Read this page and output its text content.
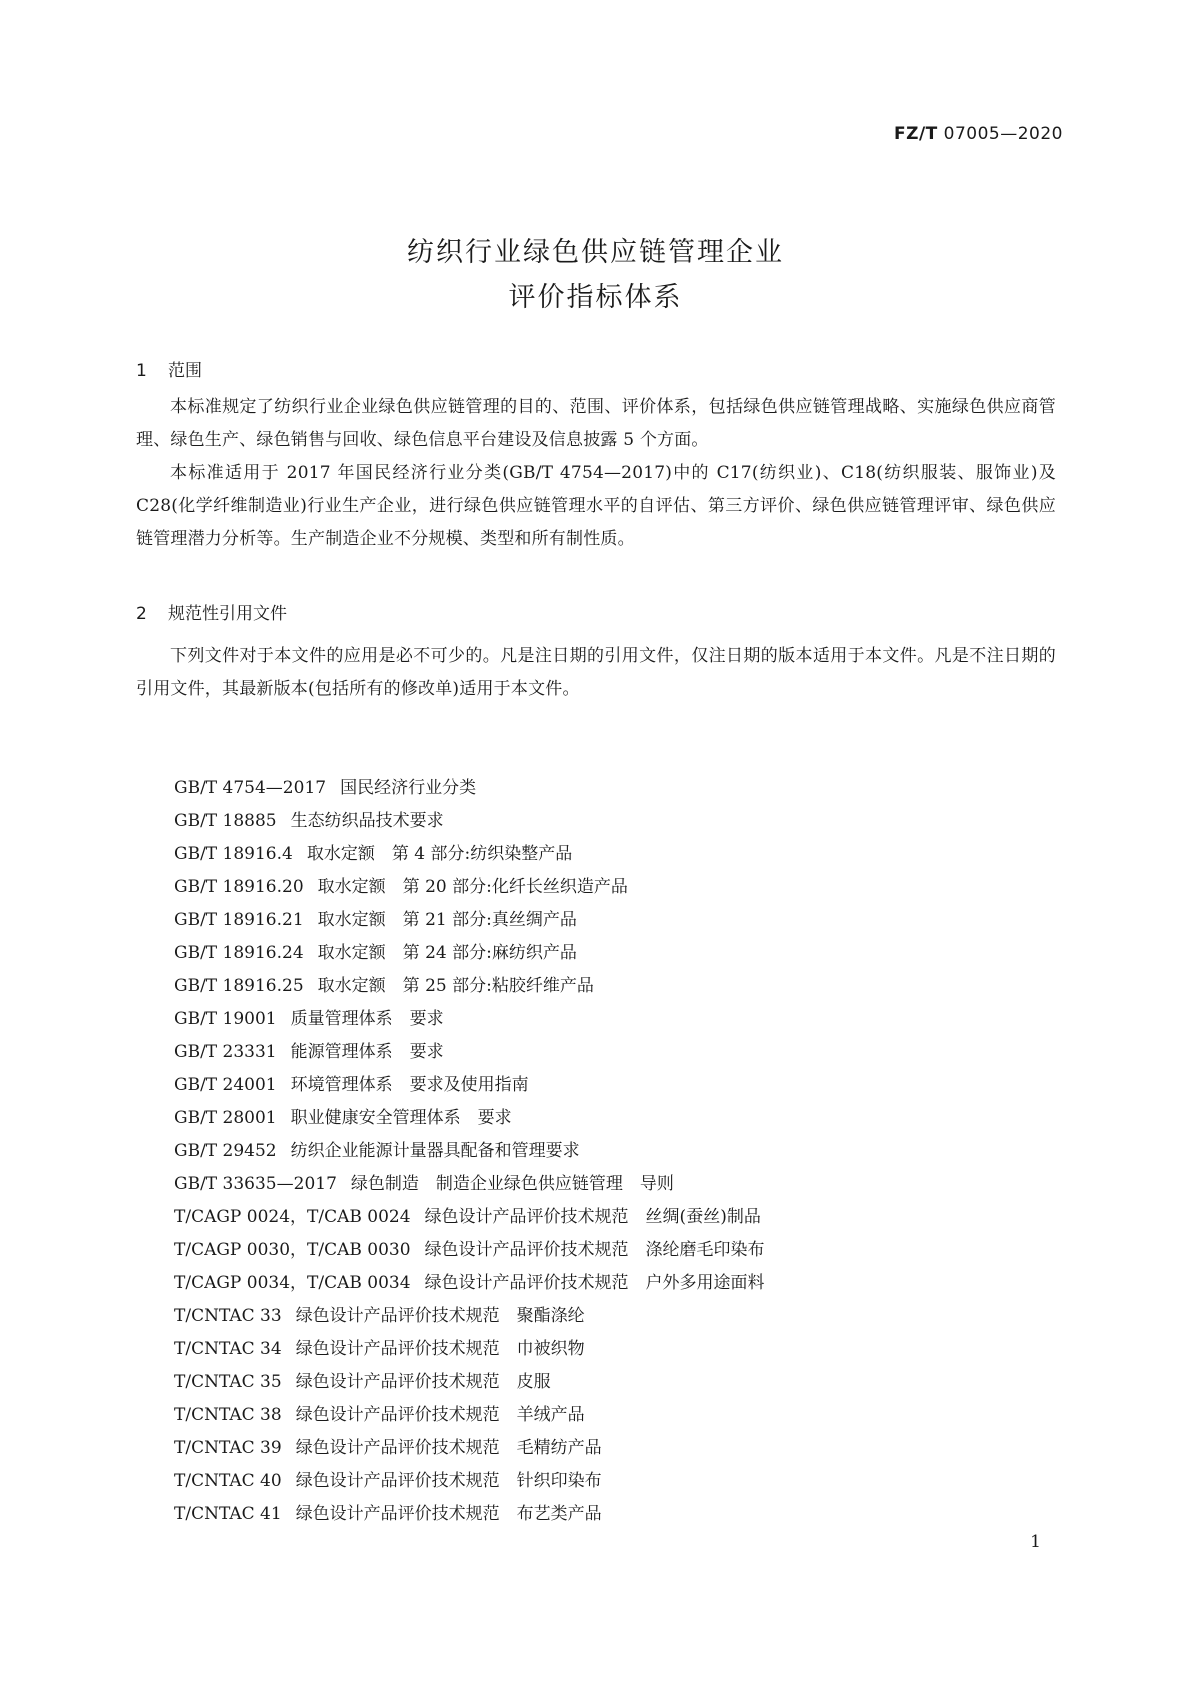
FZ/T 07005—2020
纺织行业绿色供应链管理企业
评价指标体系
1 范围

本标准规定了纺织行业企业绿色供应链管理的目的、范围、评价体系，包括绿色供应链管理战略、实施绿色供应商管理、绿色生产、绿色销售与回收、绿色信息平台建设及信息披露 5 个方面。

本标准适用于 2017 年国民经济行业分类(GB/T 4754—2017)中的 C17(纺织业)、C18(纺织服装、服饰业)及 C28(化学纤维制造业)行业生产企业，进行绿色供应链管理水平的自评估、第三方评价、绿色供应链管理评审、绿色供应链管理潜力分析等。生产制造企业不分规模、类型和所有制性质。

2 规范性引用文件

下列文件对于本文件的应用是必不可少的。凡是注日期的引用文件，仅注日期的版本适用于本文件。凡是不注日期的引用文件，其最新版本(包括所有的修改单)适用于本文件。

GB/T 4754—2017 国民经济行业分类
GB/T 18885 生态纺织品技术要求
GB/T 18916.4 取水定额　第 4 部分:纺织染整产品
GB/T 18916.20 取水定额　第 20 部分:化纤长丝织造产品
GB/T 18916.21 取水定额　第 21 部分:真丝绸产品
GB/T 18916.24 取水定额　第 24 部分:麻纺织产品
GB/T 18916.25 取水定额　第 25 部分:粘胶纤维产品
GB/T 19001 质量管理体系　要求
GB/T 23331 能源管理体系　要求
GB/T 24001 环境管理体系　要求及使用指南
GB/T 28001 职业健康安全管理体系　要求
GB/T 29452 纺织企业能源计量器具配备和管理要求
GB/T 33635—2017 绿色制造　制造企业绿色供应链管理　导则
T/CAGP 0024，T/CAB 0024 绿色设计产品评价技术规范　丝绸(蚕丝)制品
T/CAGP 0030，T/CAB 0030 绿色设计产品评价技术规范　涤纶磨毛印染布
T/CAGP 0034，T/CAB 0034 绿色设计产品评价技术规范　户外多用途面料
T/CNTAC 33 绿色设计产品评价技术规范　聚酯涤纶
T/CNTAC 34 绿色设计产品评价技术规范　巾被织物
T/CNTAC 35 绿色设计产品评价技术规范　皮服
T/CNTAC 38 绿色设计产品评价技术规范　羊绒产品
T/CNTAC 39 绿色设计产品评价技术规范　毛精纺产品
T/CNTAC 40 绿色设计产品评价技术规范　针织印染布
T/CNTAC 41 绿色设计产品评价技术规范　布艺类产品
1
